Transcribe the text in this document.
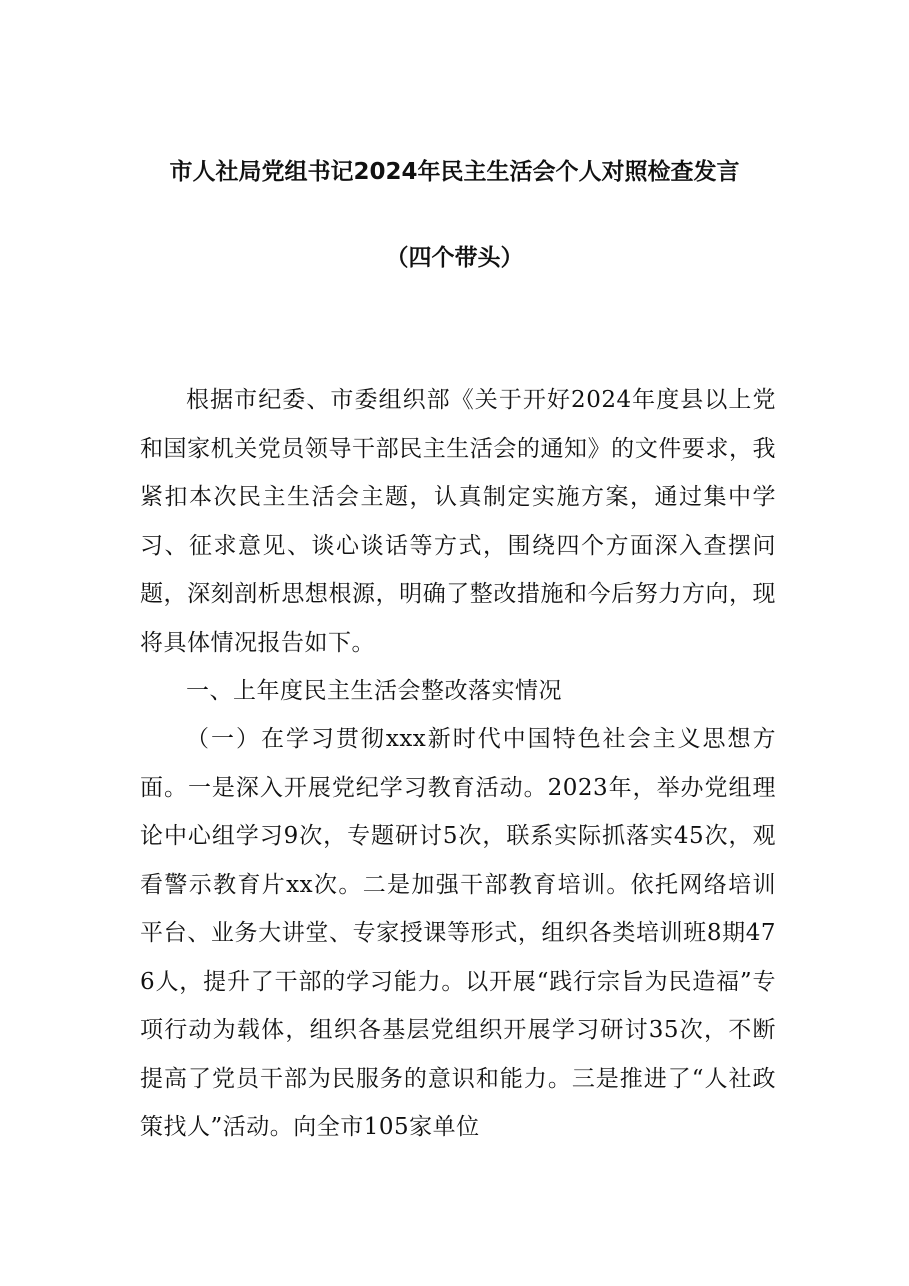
市人社局党组书记2024年民主生活会个人对照检查发言
（四个带头）

根据市纪委、市委组织部《关于开好2024年度县以上党和国家机关党员领导干部民主生活会的通知》的文件要求，我紧扣本次民主生活会主题，认真制定实施方案，通过集中学习、征求意见、谈心谈话等方式，围绕四个方面深入查摆问题，深刻剖析思想根源，明确了整改措施和今后努力方向，现将具体情况报告如下。

一、上年度民主生活会整改落实情况

（一）在学习贯彻xxx新时代中国特色社会主义思想方面。一是深入开展党纪学习教育活动。2023年，举办党组理论中心组学习9次，专题研讨5次，联系实际抓落实45次，观看警示教育片xx次。二是加强干部教育培训。依托网络培训平台、业务大讲堂、专家授课等形式，组织各类培训班8期476人，提升了干部的学习能力。以开展“践行宗旨为民造福”专项行动为载体，组织各基层党组织开展学习研讨35次，不断提高了党员干部为民服务的意识和能力。三是推进了“人社政策找人”活动。向全市105家单位
